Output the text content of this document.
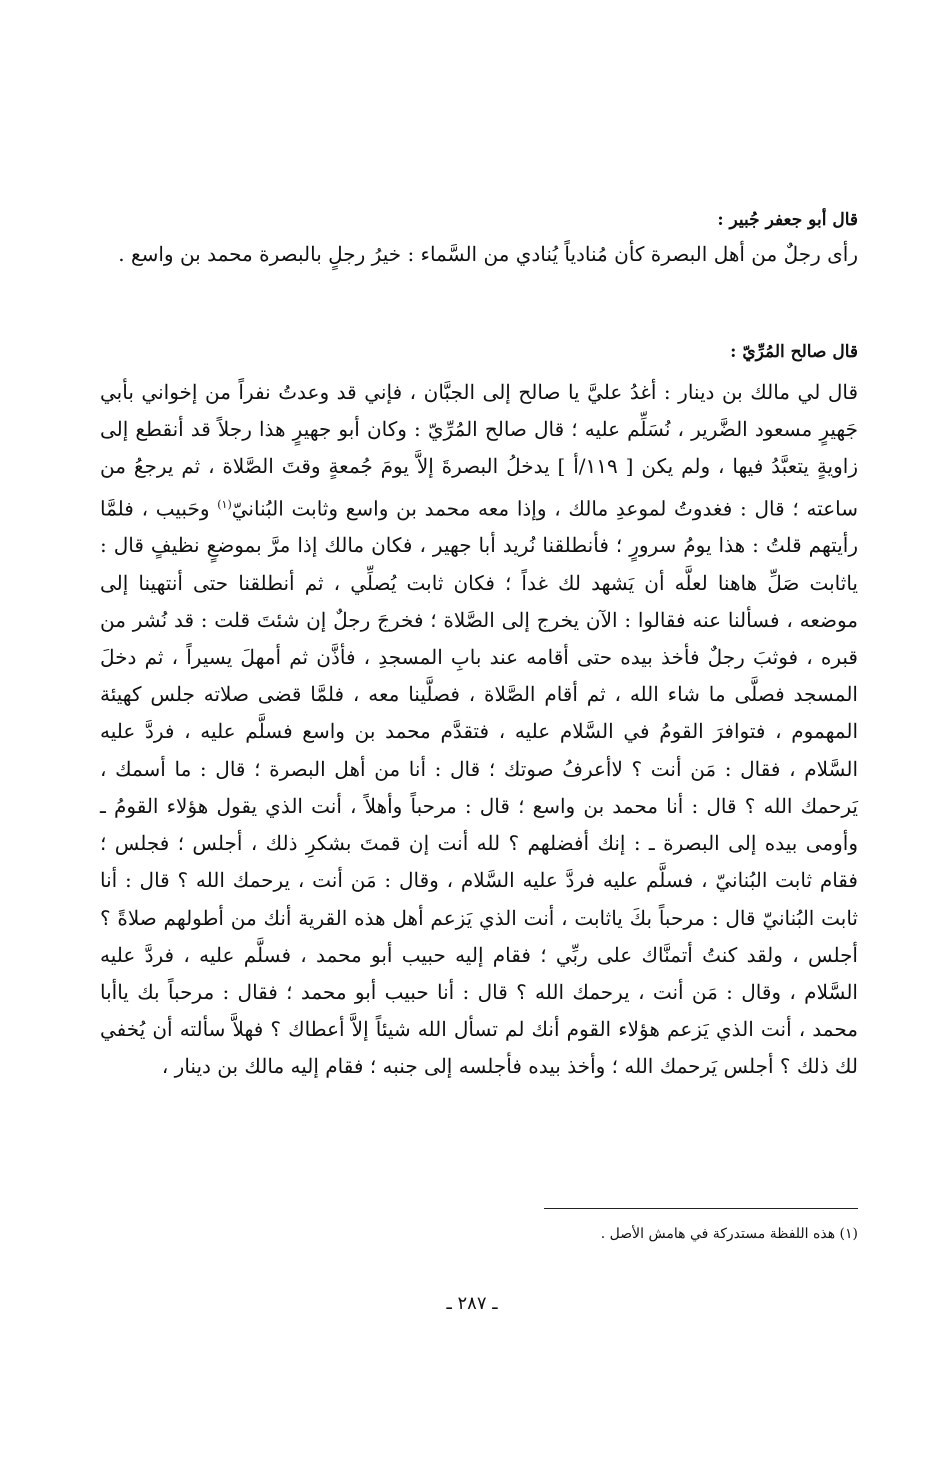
قال أبو جعفر جُبير :

رأى رجلٌ من أهل البصرة كأن مُنادياً يُنادي من السَّماء : خيرُ رجلٍ بالبصرة محمد بن واسع .

قال صالح المُرِّيّ :

قال لي مالك بن دينار : أغدُ عليَّ يا صالح إلى الجبَّان ، فإني قد وعدتُ نفراً من إخواني بأبي جَهيرٍ مسعود الضَّرير ، نُسَلِّم عليه ؛ قال صالح المُرِّيّ : وكان أبو جهيرٍ هذا رجلاً قد أنقطع إلى زاويةٍ يتعبَّدُ فيها ، ولم يكن [ ١١٩/أ ] يدخلُ البصرةَ إلاَّ يومَ جُمعةٍ وقتَ الصَّلاة ، ثم يرجعُ من ساعته ؛ قال : فغدوتُ لموعدِ مالك ، وإذا معه محمد بن واسع وثابت البُنانيّ$^{(١)}$ وحَبيب ، فلمَّا رأيتهم قلتُ : هذا يومُ سرورٍ ؛ فأنطلقنا نُريد أبا جهير ، فكان مالك إذا مرَّ بموضعٍ نظيفٍ قال : ياثابت صَلِّ هاهنا لعلَّه أن يَشهد لك غداً ؛ فكان ثابت يُصلِّي ، ثم أنطلقنا حتى أنتهينا إلى موضعه ، فسألنا عنه فقالوا : الآن يخرج إلى الصَّلاة ؛ فخرجَ رجلٌ إن شئتَ قلت : قد نُشر من قبره ، فوثبَ رجلٌ فأخذ بيده حتى أقامه عند بابِ المسجدِ ، فأذَّن ثم أمهلَ يسيراً ، ثم دخلَ المسجد فصلَّى ما شاء الله ، ثم أقام الصَّلاة ، فصلَّينا معه ، فلمَّا قضى صلاته جلس كهيئة المهموم ، فتوافرَ القومُ في السَّلام عليه ، فتقدَّم محمد بن واسع فسلَّم عليه ، فردَّ عليه السَّلام ، فقال : مَن أنت ؟ لاأعرفُ صوتك ؛ قال : أنا من أهل البصرة ؛ قال : ما أسمك ، يَرحمك الله ؟ قال : أنا محمد بن واسع ؛ قال : مرحباً وأهلاً ، أنت الذي يقول هؤلاء القومُ ـ وأومى بيده إلى البصرة ـ : إنك أفضلهم ؟ لله أنت إن قمتَ بشكرِ ذلك ، أجلس ؛ فجلس ؛ فقام ثابت البُنانيّ ، فسلَّم عليه فردَّ عليه السَّلام ، وقال : مَن أنت ، يرحمك الله ؟ قال : أنا ثابت البُنانيّ قال : مرحباً بكَ ياثابت ، أنت الذي يَزعم أهل هذه القرية أنك من أطولهم صلاةً ؟ أجلس ، ولقد كنتُ أتمنَّاك على ربِّي ؛ فقام إليه حبيب أبو محمد ، فسلَّم عليه ، فردَّ عليه السَّلام ، وقال : مَن أنت ، يرحمك الله ؟ قال : أنا حبيب أبو محمد ؛ فقال : مرحباً بك ياأبا محمد ، أنت الذي يَزعم هؤلاء القوم أنك لم تسأل الله شيئاً إلاَّ أعطاك ؟ فهلاَّ سألته أن يُخفي لك ذلك ؟ أجلس يَرحمك الله ؛ وأخذ بيده فأجلسه إلى جنبه ؛ فقام إليه مالك بن دينار ،

(١) هذه اللفظة مستدركة في هامش الأصل .
ـ ٢٨٧ ـ
